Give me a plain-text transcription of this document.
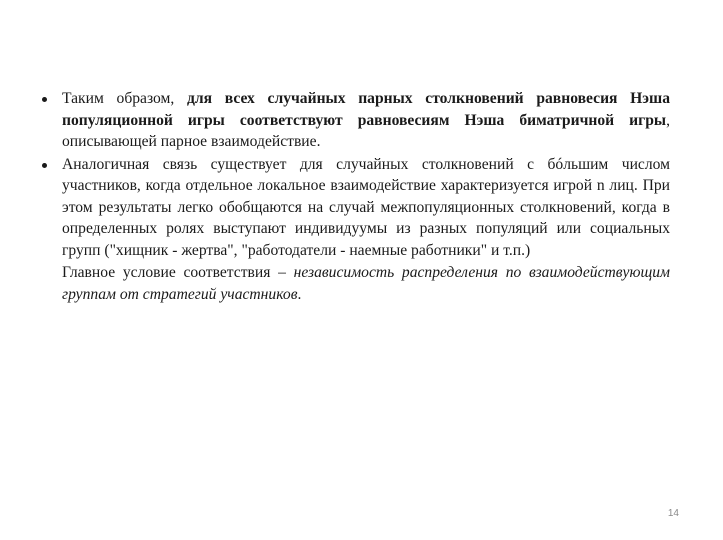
Таким образом, для всех случайных парных столкновений равновесия Нэша популяционной игры соответствуют равновесиям Нэша биматричной игры, описывающей парное взаимодействие.

Аналогичная связь существует для случайных столкновений с бóльшим числом участников, когда отдельное локальное взаимодействие характеризуется игрой n лиц. При этом результаты легко обобщаются на случай межпопуляционных столкновений, когда в определенных ролях выступают индивидуумы из разных популяций или социальных групп ("хищник - жертва", "работодатели - наемные работники" и т.п.)

Главное условие соответствия – независимость распределения по взаимодействующим группам от стратегий участников.

14
